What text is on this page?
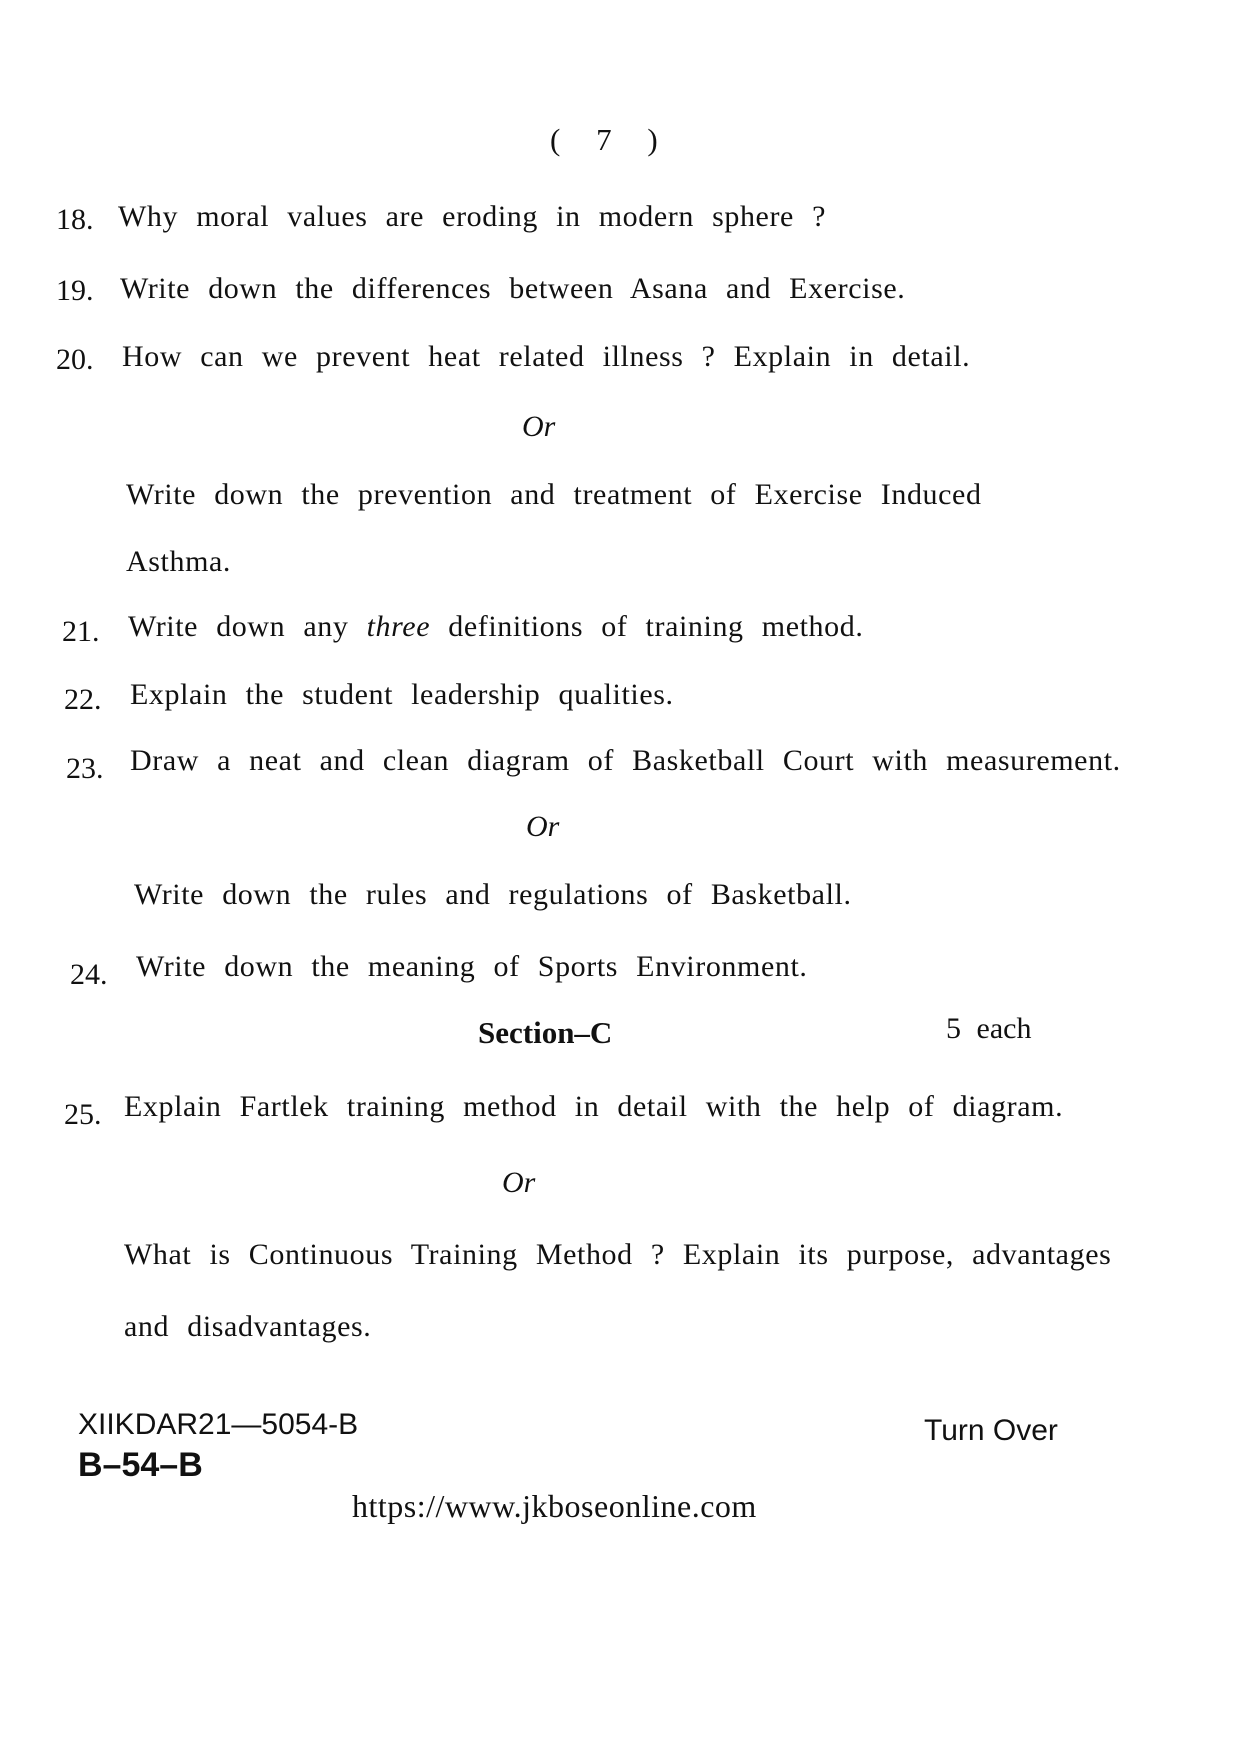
( 7 )
18. Why moral values are eroding in modern sphere ?
19. Write down the differences between Asana and Exercise.
20. How can we prevent heat related illness ? Explain in detail.
Or
Write down the prevention and treatment of Exercise Induced
Asthma.
21. Write down any three definitions of training method.
22. Explain the student leadership qualities.
23. Draw a neat and clean diagram of Basketball Court with measurement.
Or
Write down the rules and regulations of Basketball.
24. Write down the meaning of Sports Environment.
Section–C	5 each
25. Explain Fartlek training method in detail with the help of diagram.
Or
What is Continuous Training Method ? Explain its purpose, advantages
and disadvantages.
XIIKDAR21—5054-B
B–54–B
Turn Over
https://www.jkboseonline.com
